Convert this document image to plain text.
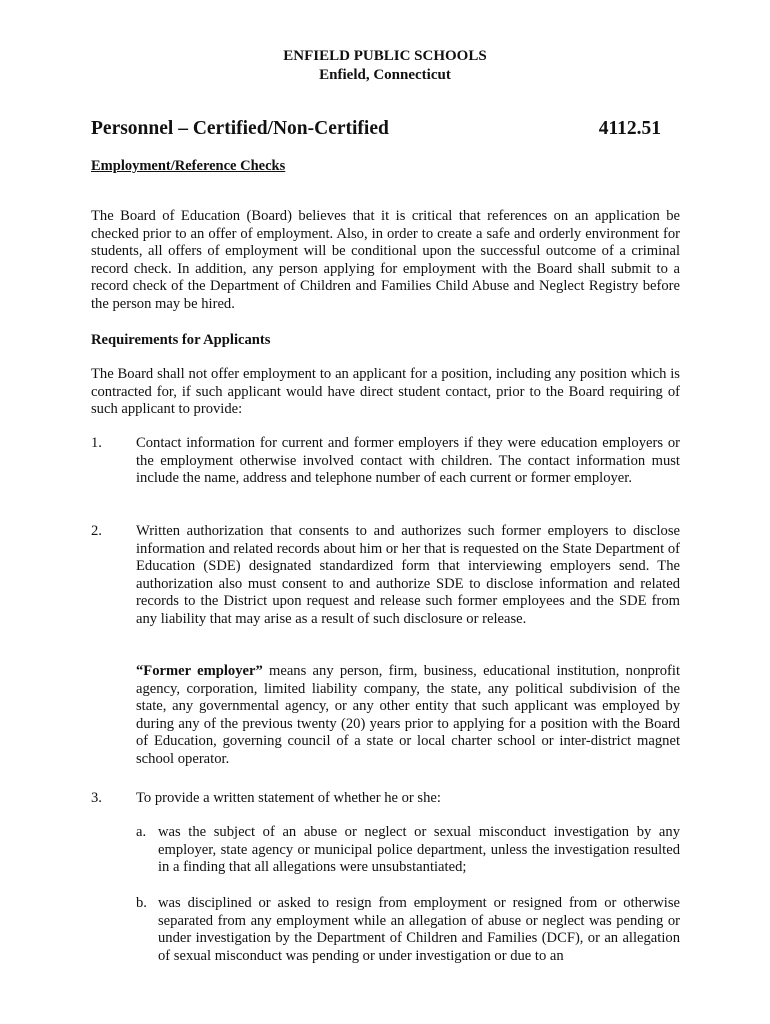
ENFIELD PUBLIC SCHOOLS
Enfield, Connecticut
Personnel – Certified/Non-Certified	4112.51
Employment/Reference Checks
The Board of Education (Board) believes that it is critical that references on an application be checked prior to an offer of employment. Also, in order to create a safe and orderly environment for students, all offers of employment will be conditional upon the successful outcome of a criminal record check. In addition, any person applying for employment with the Board shall submit to a record check of the Department of Children and Families Child Abuse and Neglect Registry before the person may be hired.
Requirements for Applicants
The Board shall not offer employment to an applicant for a position, including any position which is contracted for, if such applicant would have direct student contact, prior to the Board requiring of such applicant to provide:
1. Contact information for current and former employers if they were education employers or the employment otherwise involved contact with children. The contact information must include the name, address and telephone number of each current or former employer.
2. Written authorization that consents to and authorizes such former employers to disclose information and related records about him or her that is requested on the State Department of Education (SDE) designated standardized form that interviewing employers send. The authorization also must consent to and authorize SDE to disclose information and related records to the District upon request and release such former employees and the SDE from any liability that may arise as a result of such disclosure or release.
“Former employer” means any person, firm, business, educational institution, nonprofit agency, corporation, limited liability company, the state, any political subdivision of the state, any governmental agency, or any other entity that such applicant was employed by during any of the previous twenty (20) years prior to applying for a position with the Board of Education, governing council of a state or local charter school or inter-district magnet school operator.
3. To provide a written statement of whether he or she:
a. was the subject of an abuse or neglect or sexual misconduct investigation by any employer, state agency or municipal police department, unless the investigation resulted in a finding that all allegations were unsubstantiated;
b. was disciplined or asked to resign from employment or resigned from or otherwise separated from any employment while an allegation of abuse or neglect was pending or under investigation by the Department of Children and Families (DCF), or an allegation of sexual misconduct was pending or under investigation or due to an
